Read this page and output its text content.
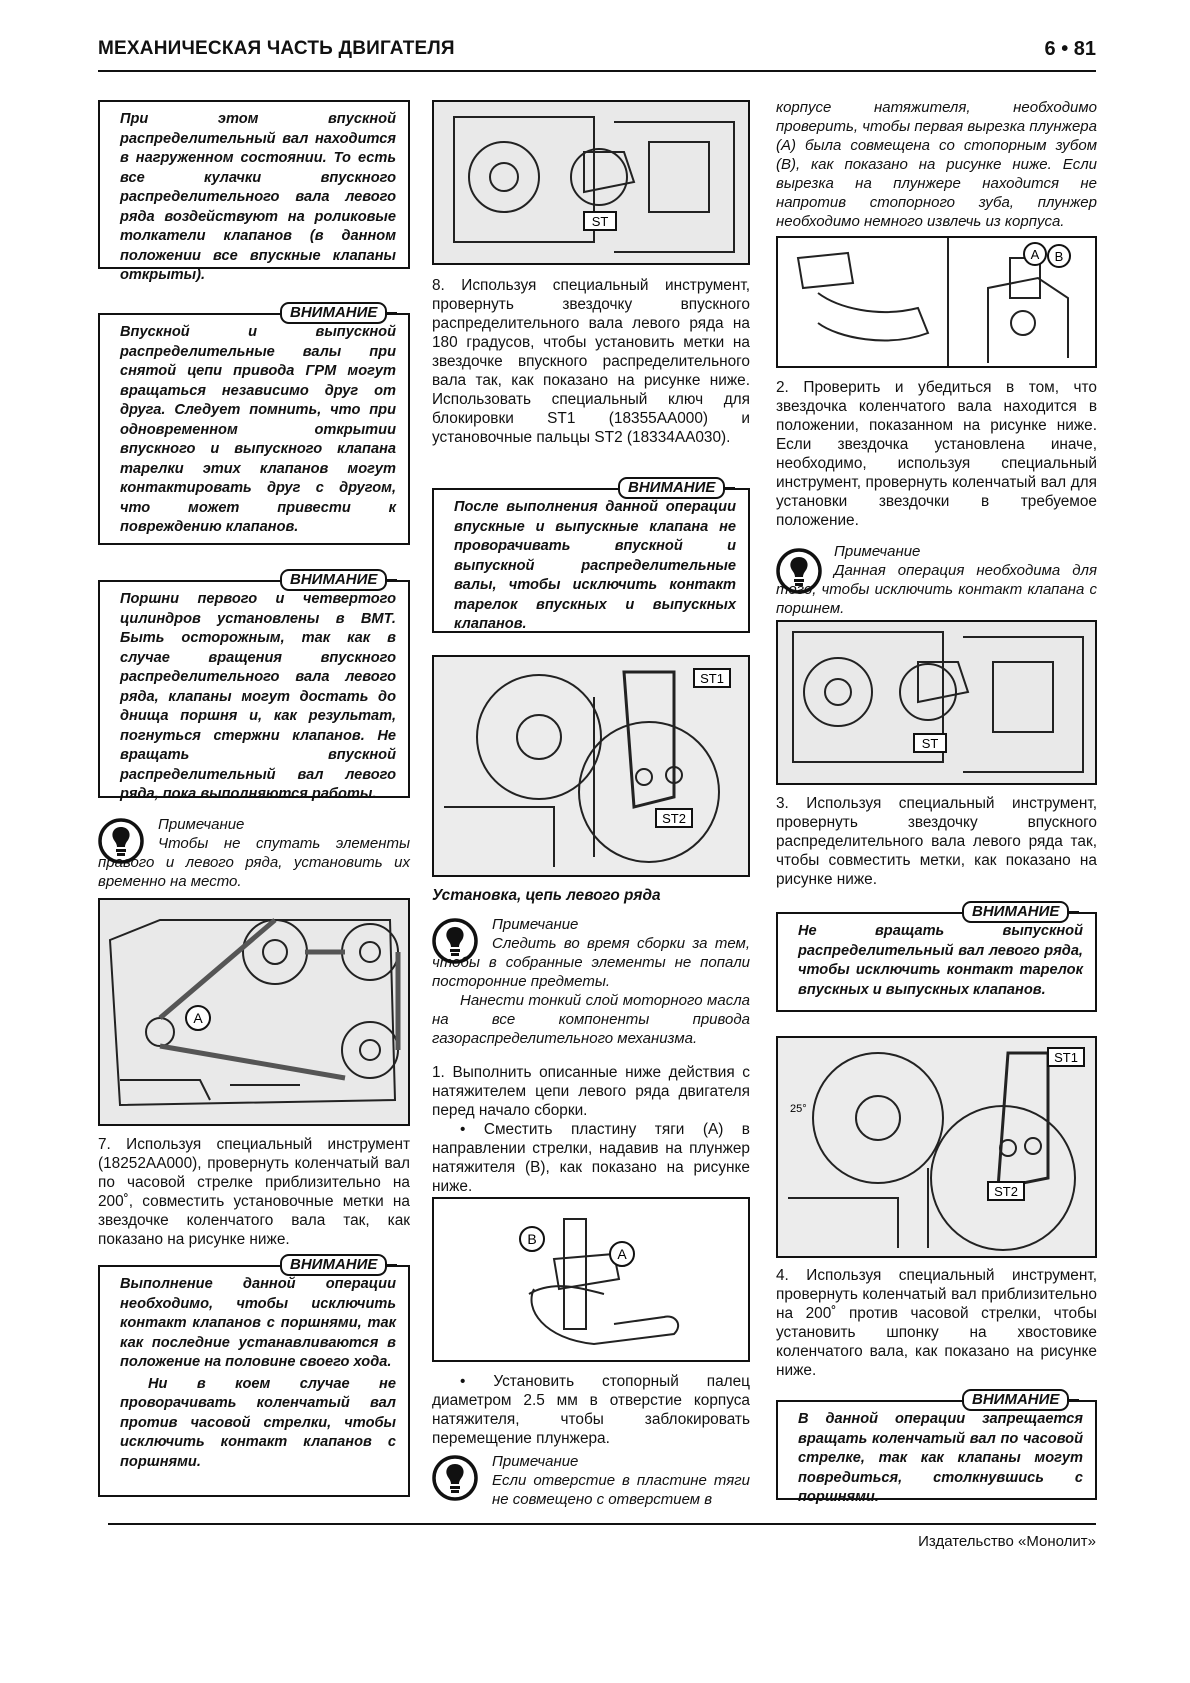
МЕХАНИЧЕСКАЯ ЧАСТЬ ДВИГАТЕЛЯ	6 • 81

При этом впускной распределительный вал находится в нагруженном состоянии. То есть все кулачки впускного распределительного вала левого ряда воздействуют на роликовые толкатели клапанов (в данном положении все впускные клапаны открыты).

Впускной и выпускной распределительные валы при снятой цепи привода ГРМ могут вращаться независимо друг от друга. Следует помнить, что при одновременном открытии впускного и выпускного клапана тарелки этих клапанов могут контактировать друг с другом, что может привести к повреждению клапанов.

ВНИМАНИЕ

Поршни первого и четвертого цилиндров установлены в ВМТ. Быть осторожным, так как в случае вращения впускного распределительного вала левого ряда, клапаны могут достать до днища поршня и, как результат, погнуться стержни клапанов. Не вращать впускной распределительный вал левого ряда, пока выполняются работы.

ВНИМАНИЕ
Примечание
Чтобы не спутать элементы правого и левого ряда, установить их временно на место.
A

7. Используя специальный инструмент (18252AA000), провернуть коленчатый вал по часовой стрелке приблизительно на 200˚, совместить установочные метки на звездочке коленчатого вала так, как показано на рисунке ниже.

Выполнение данной операции необходимо, чтобы исключить контакт клапанов с поршнями, так как последние устанавливаются в положение на половине своего хода.

Ни в коем случае не проворачивать коленчатый вал против часовой стрелки, чтобы исключить контакт клапанов с поршнями.

ВНИМАНИЕ
ST

8. Используя специальный инструмент, провернуть звездочку впускного распределительного вала левого ряда на 180 градусов, чтобы установить метки на звездочке впускного распределительного вала так, как показано на рисунке ниже. Использовать специальный ключ для блокировки ST1 (18355AA000) и установочные пальцы ST2 (18334AA030).

После выполнения данной операции впускные и выпускные клапана не проворачивать впускной и выпускной распределительные валы, чтобы исключить контакт тарелок впускных и выпускных клапанов.

ВНИМАНИЕ
ST1
ST2
Установка, цепь левого ряда
Примечание
Следить во время сборки за тем, чтобы в собранные элементы не попали посторонние предметы.
Нанести тонкий слой моторного масла на все компоненты привода газораспределительного механизма.

1. Выполнить описанные ниже действия с натяжителем цепи левого ряда двигателя перед начало сборки.

• Сместить пластину тяги (A) в направлении стрелки, надавив на плунжер натяжителя (B), как показано на рисунке ниже.

B
A

• Установить стопорный палец диаметром 2.5 мм в отверстие корпуса натяжителя, чтобы заблокировать перемещение плунжера.

Примечание
Если отверстие в пластине тяги не совмещено с отверстием в
корпусе натяжителя, необходимо проверить, чтобы первая вырезка плунжера (A) была совмещена со стопорным зубом (B), как показано на рисунке ниже. Если вырезка на плунжере находится не напротив стопорного зуба, плунжер необходимо немного извлечь из корпуса.
A B

2. Проверить и убедиться в том, что звездочка коленчатого вала находится в положении, показанном на рисунке ниже. Если звездочка установлена иначе, необходимо, используя специальный инструмент, провернуть коленчатый вал для установки звездочки в требуемое положение.

Примечание
Данная операция необходима для того, чтобы исключить контакт клапана с поршнем.
ST

3. Используя специальный инструмент, провернуть звездочку впускного распределительного вала левого ряда так, чтобы совместить метки, как показано на рисунке ниже.

Не вращать выпускной распределительный вал левого ряда, чтобы исключить контакт тарелок впускных и выпускных клапанов.

ВНИМАНИЕ
ST1
ST2
25°

4. Используя специальный инструмент, провернуть коленчатый вал приблизительно на 200˚ против часовой стрелки, чтобы установить шпонку на хвостовике коленчатого вала, как показано на рисунке ниже.

В данной операции запрещается вращать коленчатый вал по часовой стрелке, так как клапаны могут повредиться, столкнувшись с поршнями.

ВНИМАНИЕ
Издательство «Монолит»
